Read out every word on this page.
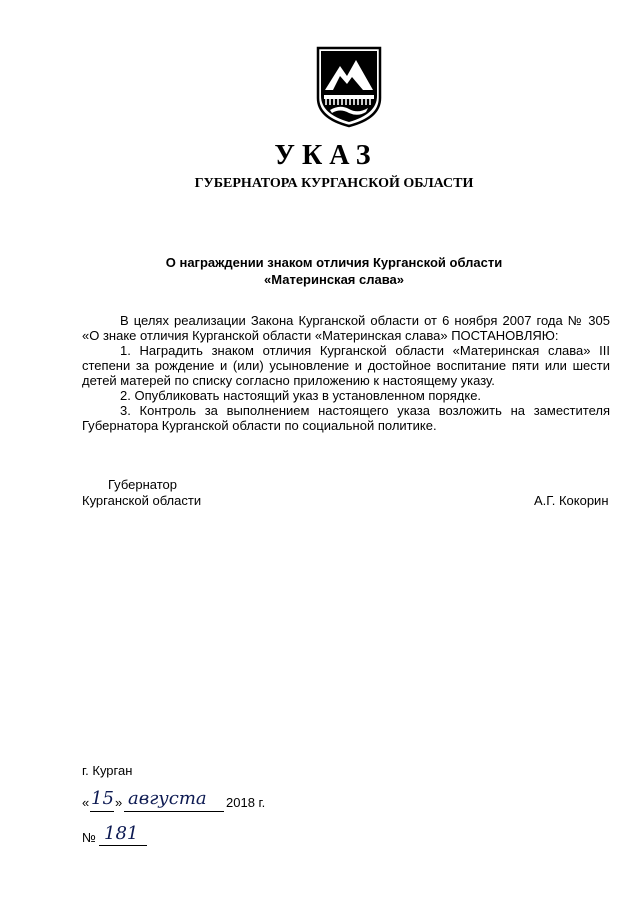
УКАЗ
ГУБЕРНАТОРА КУРГАНСКОЙ ОБЛАСТИ
О награждении знаком отличия Курганской области
«Материнская слава»

В целях реализации Закона Курганской области от 6 ноября 2007 года № 305 «О знаке отличия Курганской области «Материнская слава» ПОСТАНОВЛЯЮ:

1. Наградить знаком отличия Курганской области «Материнская слава» III степени за рождение и (или) усыновление и достойное воспитание пяти или шести детей матерей по списку согласно приложению к настоящему указу.

2. Опубликовать настоящий указ в установленном порядке.

3. Контроль за выполнением настоящего указа возложить на заместителя Губернатора Курганской области по социальной политике.

Губернатор
Курганской области	А.Г. Кокорин
г. Курган
« 15 » августа 2018 г.
№ 181
